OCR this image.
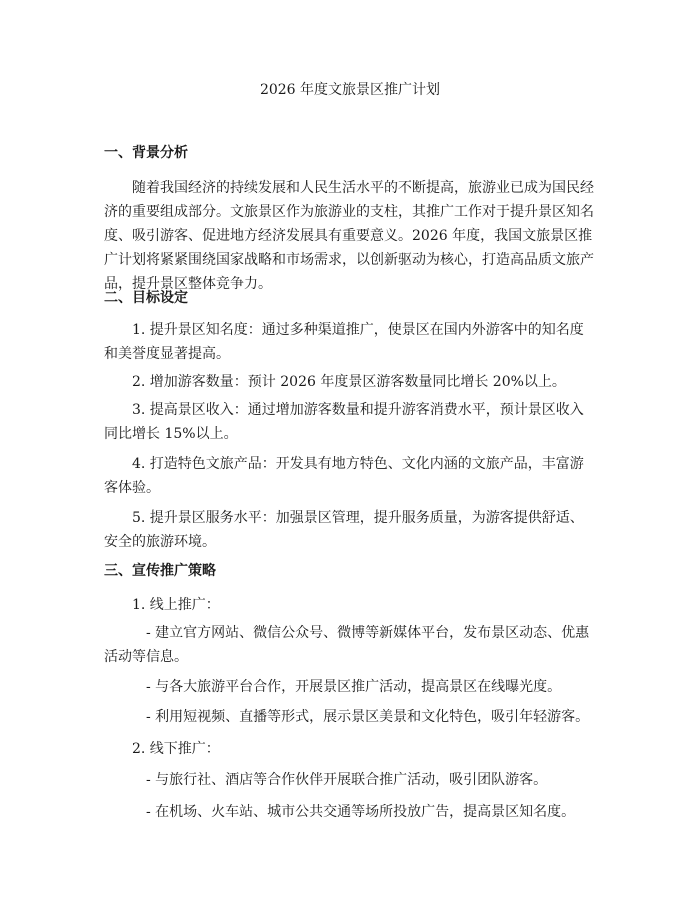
2026 年度文旅景区推广计划
一、背景分析

随着我国经济的持续发展和人民生活水平的不断提高，旅游业已成为国民经济的重要组成部分。文旅景区作为旅游业的支柱，其推广工作对于提升景区知名度、吸引游客、促进地方经济发展具有重要意义。2026 年度，我国文旅景区推广计划将紧紧围绕国家战略和市场需求，以创新驱动为核心，打造高品质文旅产品，提升景区整体竞争力。

二、目标设定

1. 提升景区知名度：通过多种渠道推广，使景区在国内外游客中的知名度和美誉度显著提高。

2. 增加游客数量：预计 2026 年度景区游客数量同比增长 20%以上。

3. 提高景区收入：通过增加游客数量和提升游客消费水平，预计景区收入同比增长 15%以上。

4. 打造特色文旅产品：开发具有地方特色、文化内涵的文旅产品，丰富游客体验。

5. 提升景区服务水平：加强景区管理，提升服务质量，为游客提供舒适、安全的旅游环境。

三、宣传推广策略

1. 线上推广：

- 建立官方网站、微信公众号、微博等新媒体平台，发布景区动态、优惠活动等信息。

- 与各大旅游平台合作，开展景区推广活动，提高景区在线曝光度。

- 利用短视频、直播等形式，展示景区美景和文化特色，吸引年轻游客。

2. 线下推广：

- 与旅行社、酒店等合作伙伴开展联合推广活动，吸引团队游客。

- 在机场、火车站、城市公共交通等场所投放广告，提高景区知名度。
